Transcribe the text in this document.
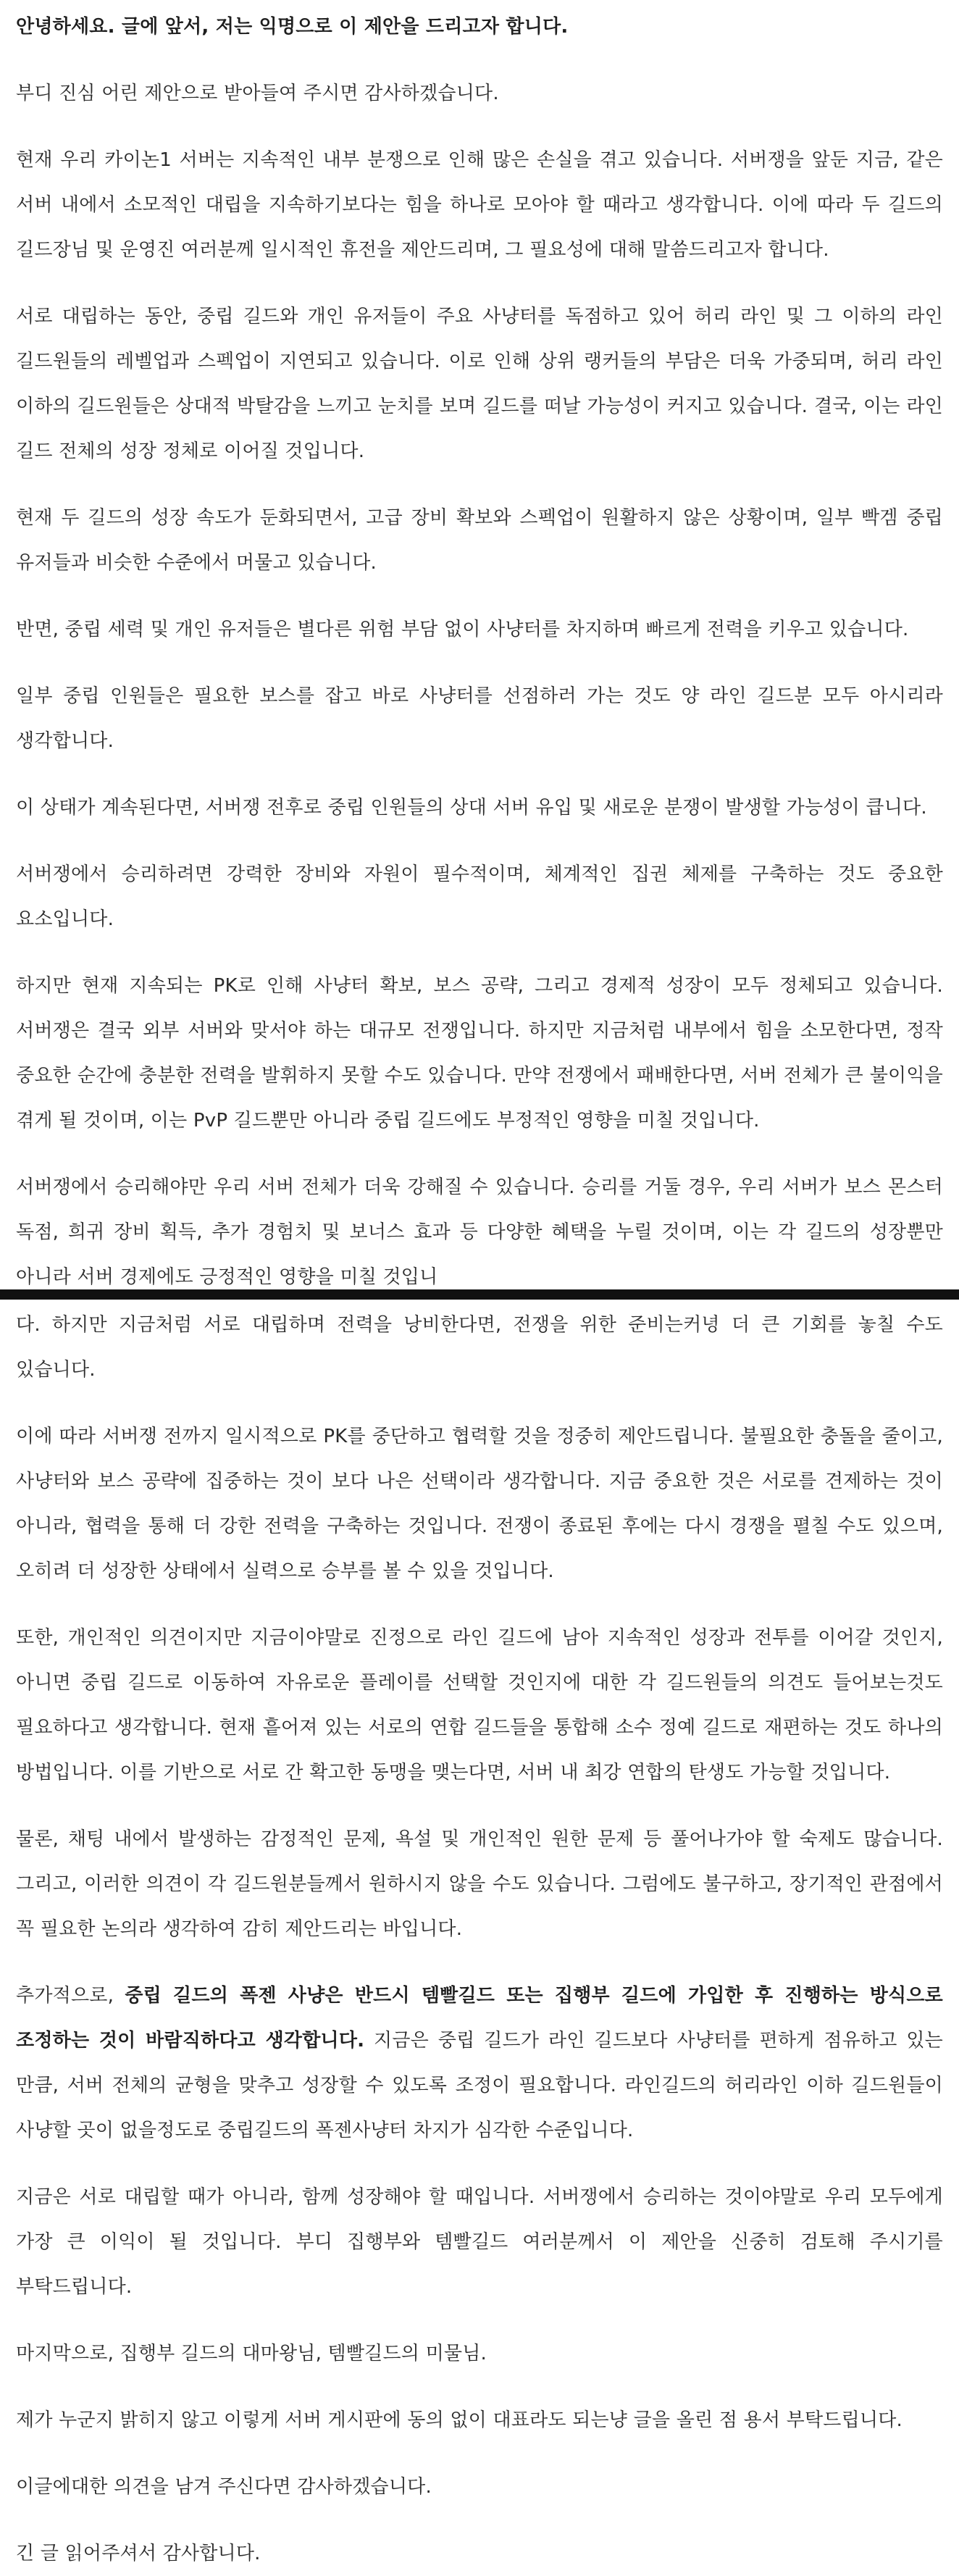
안녕하세요. 글에 앞서, 저는 익명으로 이 제안을 드리고자 합니다.

부디 진심 어린 제안으로 받아들여 주시면 감사하겠습니다.

현재 우리 카이논1 서버는 지속적인 내부 분쟁으로 인해 많은 손실을 겪고 있습니다. 서버쟁을 앞둔 지금, 같은 서버 내에서 소모적인 대립을 지속하기보다는 힘을 하나로 모아야 할 때라고 생각합니다. 이에 따라 두 길드의 길드장님 및 운영진 여러분께 일시적인 휴전을 제안드리며, 그 필요성에 대해 말씀드리고자 합니다.

서로 대립하는 동안, 중립 길드와 개인 유저들이 주요 사냥터를 독점하고 있어 허리 라인 및 그 이하의 라인 길드원들의 레벨업과 스펙업이 지연되고 있습니다. 이로 인해 상위 랭커들의 부담은 더욱 가중되며, 허리 라인 이하의 길드원들은 상대적 박탈감을 느끼고 눈치를 보며 길드를 떠날 가능성이 커지고 있습니다. 결국, 이는 라인 길드 전체의 성장 정체로 이어질 것입니다.

현재 두 길드의 성장 속도가 둔화되면서, 고급 장비 확보와 스펙업이 원활하지 않은 상황이며, 일부 빡겜 중립 유저들과 비슷한 수준에서 머물고 있습니다.

반면, 중립 세력 및 개인 유저들은 별다른 위험 부담 없이 사냥터를 차지하며 빠르게 전력을 키우고 있습니다.

일부 중립 인원들은 필요한 보스를 잡고 바로 사냥터를 선점하러 가는 것도 양 라인 길드분 모두 아시리라 생각합니다.

이 상태가 계속된다면, 서버쟁 전후로 중립 인원들의 상대 서버 유입 및 새로운 분쟁이 발생할 가능성이 큽니다.

서버쟁에서 승리하려면 강력한 장비와 자원이 필수적이며, 체계적인 집권 체제를 구축하는 것도 중요한 요소입니다.

하지만 현재 지속되는 PK로 인해 사냥터 확보, 보스 공략, 그리고 경제적 성장이 모두 정체되고 있습니다. 서버쟁은 결국 외부 서버와 맞서야 하는 대규모 전쟁입니다. 하지만 지금처럼 내부에서 힘을 소모한다면, 정작 중요한 순간에 충분한 전력을 발휘하지 못할 수도 있습니다. 만약 전쟁에서 패배한다면, 서버 전체가 큰 불이익을 겪게 될 것이며, 이는 PvP 길드뿐만 아니라 중립 길드에도 부정적인 영향을 미칠 것입니다.

서버쟁에서 승리해야만 우리 서버 전체가 더욱 강해질 수 있습니다. 승리를 거둘 경우, 우리 서버가 보스 몬스터 독점, 희귀 장비 획득, 추가 경험치 및 보너스 효과 등 다양한 혜택을 누릴 것이며, 이는 각 길드의 성장뿐만 아니라 서버 경제에도 긍정적인 영향을 미칠 것입니

다. 하지만 지금처럼 서로 대립하며 전력을 낭비한다면, 전쟁을 위한 준비는커녕 더 큰 기회를 놓칠 수도 있습니다.

이에 따라 서버쟁 전까지 일시적으로 PK를 중단하고 협력할 것을 정중히 제안드립니다. 불필요한 충돌을 줄이고, 사냥터와 보스 공략에 집중하는 것이 보다 나은 선택이라 생각합니다. 지금 중요한 것은 서로를 견제하는 것이 아니라, 협력을 통해 더 강한 전력을 구축하는 것입니다. 전쟁이 종료된 후에는 다시 경쟁을 펼칠 수도 있으며, 오히려 더 성장한 상태에서 실력으로 승부를 볼 수 있을 것입니다.

또한, 개인적인 의견이지만 지금이야말로 진정으로 라인 길드에 남아 지속적인 성장과 전투를 이어갈 것인지, 아니면 중립 길드로 이동하여 자유로운 플레이를 선택할 것인지에 대한 각 길드원들의 의견도 들어보는것도 필요하다고 생각합니다. 현재 흩어져 있는 서로의 연합 길드들을 통합해 소수 정예 길드로 재편하는 것도 하나의 방법입니다. 이를 기반으로 서로 간 확고한 동맹을 맺는다면, 서버 내 최강 연합의 탄생도 가능할 것입니다.

물론, 채팅 내에서 발생하는 감정적인 문제, 욕설 및 개인적인 원한 문제 등 풀어나가야 할 숙제도 많습니다. 그리고, 이러한 의견이 각 길드원분들께서 원하시지 않을 수도 있습니다. 그럼에도 불구하고, 장기적인 관점에서 꼭 필요한 논의라 생각하여 감히 제안드리는 바입니다.

추가적으로, 중립 길드의 폭젠 사냥은 반드시 템빨길드 또는 집행부 길드에 가입한 후 진행하는 방식으로 조정하는 것이 바람직하다고 생각합니다. 지금은 중립 길드가 라인 길드보다 사냥터를 편하게 점유하고 있는 만큼, 서버 전체의 균형을 맞추고 성장할 수 있도록 조정이 필요합니다. 라인길드의 허리라인 이하 길드원들이 사냥할 곳이 없을정도로 중립길드의 폭젠사냥터 차지가 심각한 수준입니다.

지금은 서로 대립할 때가 아니라, 함께 성장해야 할 때입니다. 서버쟁에서 승리하는 것이야말로 우리 모두에게 가장 큰 이익이 될 것입니다. 부디 집행부와 템빨길드 여러분께서 이 제안을 신중히 검토해 주시기를 부탁드립니다.

마지막으로, 집행부 길드의 대마왕님, 템빨길드의 미물님.

제가 누군지 밝히지 않고 이렇게 서버 게시판에 동의 없이 대표라도 되는냥 글을 올린 점 용서 부탁드립니다.

이글에대한 의견을 남겨 주신다면 감사하겠습니다.

긴 글 읽어주셔서 감사합니다.
